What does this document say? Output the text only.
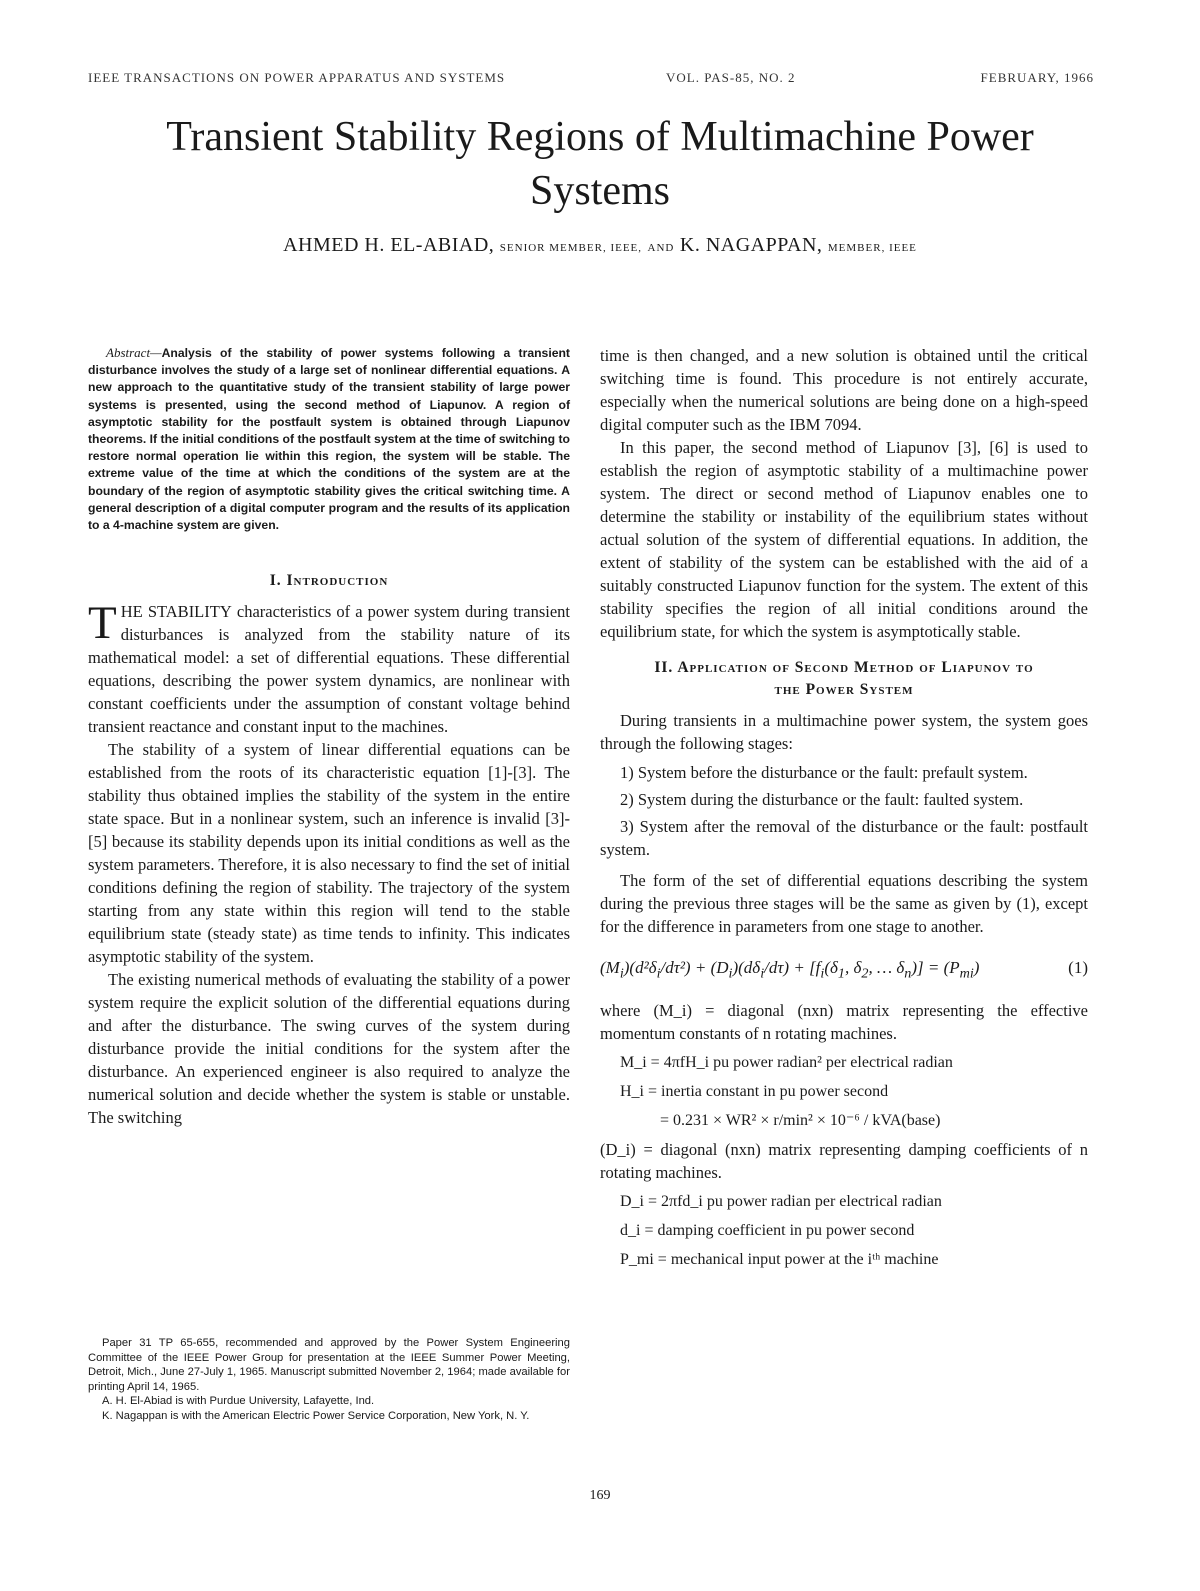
IEEE TRANSACTIONS ON POWER APPARATUS AND SYSTEMS	VOL. PAS-85, NO. 2	FEBRUARY, 1966
Transient Stability Regions of Multimachine Power Systems
AHMED H. EL-ABIAD, SENIOR MEMBER, IEEE, AND K. NAGAPPAN, MEMBER, IEEE

Abstract—Analysis of the stability of power systems following a transient disturbance involves the study of a large set of nonlinear differential equations. A new approach to the quantitative study of the transient stability of large power systems is presented, using the second method of Liapunov. A region of asymptotic stability for the postfault system is obtained through Liapunov theorems. If the initial conditions of the postfault system at the time of switching to restore normal operation lie within this region, the system will be stable. The extreme value of the time at which the conditions of the system are at the boundary of the region of asymptotic stability gives the critical switching time. A general description of a digital computer program and the results of its application to a 4-machine system are given.

I. Introduction

THE STABILITY characteristics of a power system during transient disturbances is analyzed from the stability nature of its mathematical model: a set of differential equations. These differential equations, describing the power system dynamics, are nonlinear with constant coefficients under the assumption of constant voltage behind transient reactance and constant input to the machines.

The stability of a system of linear differential equations can be established from the roots of its characteristic equation [1]-[3]. The stability thus obtained implies the stability of the system in the entire state space. But in a nonlinear system, such an inference is invalid [3]-[5] because its stability depends upon its initial conditions as well as the system parameters. Therefore, it is also necessary to find the set of initial conditions defining the region of stability. The trajectory of the system starting from any state within this region will tend to the stable equilibrium state (steady state) as time tends to infinity. This indicates asymptotic stability of the system.

The existing numerical methods of evaluating the stability of a power system require the explicit solution of the differential equations during and after the disturbance. The swing curves of the system during disturbance provide the initial conditions for the system after the disturbance. An experienced engineer is also required to analyze the numerical solution and decide whether the system is stable or unstable. The switching

time is then changed, and a new solution is obtained until the critical switching time is found. This procedure is not entirely accurate, especially when the numerical solutions are being done on a high-speed digital computer such as the IBM 7094.

In this paper, the second method of Liapunov [3], [6] is used to establish the region of asymptotic stability of a multimachine power system. The direct or second method of Liapunov enables one to determine the stability or instability of the equilibrium states without actual solution of the system of differential equations. In addition, the extent of stability of the system can be established with the aid of a suitably constructed Liapunov function for the system. The extent of this stability specifies the region of all initial conditions around the equilibrium state, for which the system is asymptotically stable.

II. Application of Second Method of Liapunov to
the Power System

During transients in a multimachine power system, the system goes through the following stages:

1) System before the disturbance or the fault: prefault system.
2) System during the disturbance or the fault: faulted system.
3) System after the removal of the disturbance or the fault: postfault system.

The form of the set of differential equations describing the system during the previous three stages will be the same as given by (1), except for the difference in parameters from one stage to another.

$(M_i)(d^2\delta_i/d\tau^2) + (D_i)(d\delta_i/d\tau) + [f_i(\delta_1$, $\delta_2$, … $\delta_n)] = (P_{mi})$	(1)

where (M_i) = diagonal (nxn) matrix representing the effective momentum constants of n rotating machines.

M_i = 4πfH_i pu power radian² per electrical radian
H_i = inertia constant in pu power second
= 0.231 × WR² × r/min² × 10⁻⁶ / kVA(base)

(D_i) = diagonal (nxn) matrix representing damping coefficients of n rotating machines.

D_i = 2πfd_i pu power radian per electrical radian
d_i = damping coefficient in pu power second
P_mi = mechanical input power at the iᵗʰ machine

Paper 31 TP 65-655, recommended and approved by the Power System Engineering Committee of the IEEE Power Group for presentation at the IEEE Summer Power Meeting, Detroit, Mich., June 27-July 1, 1965. Manuscript submitted November 2, 1964; made available for printing April 14, 1965.

A. H. El-Abiad is with Purdue University, Lafayette, Ind.

K. Nagappan is with the American Electric Power Service Corporation, New York, N. Y.

169
